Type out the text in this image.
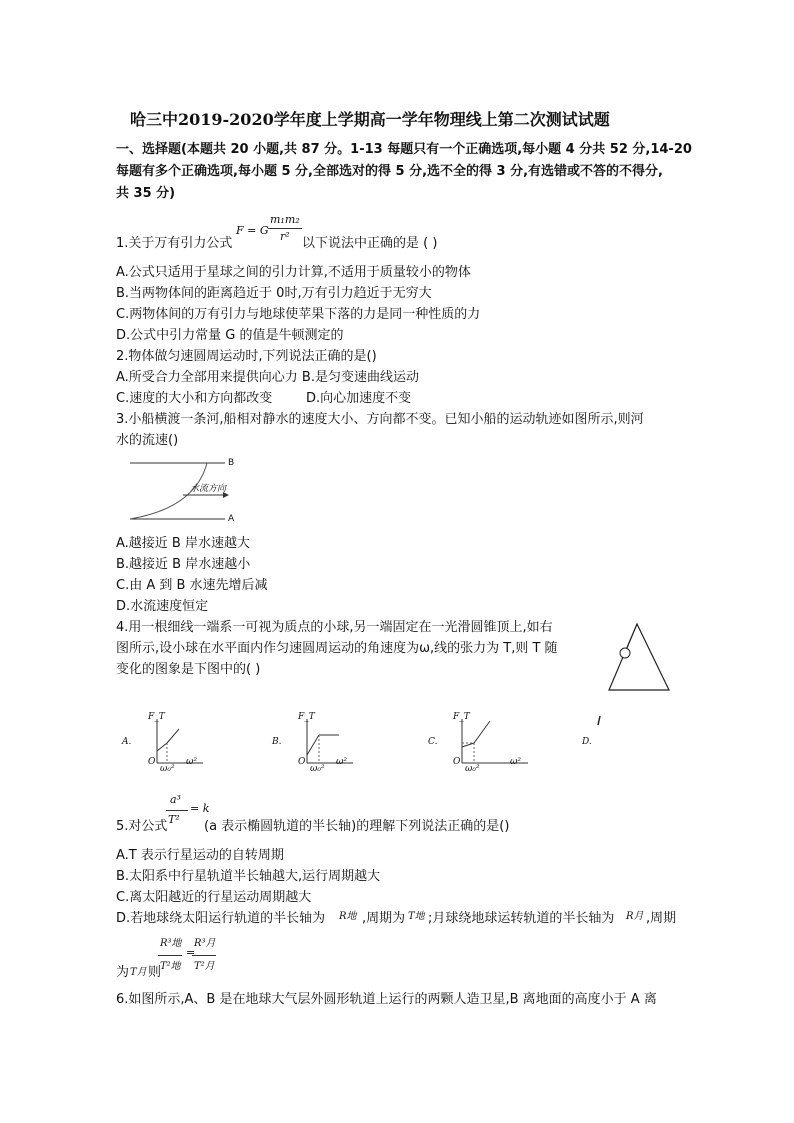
哈三中2019-2020学年度上学期高一学年物理线上第二次测试试题
一、选择题(本题共 20 小题,共 87 分。1-13 每题只有一个正确选项,每小题 4 分共 52 分,14-20
每题有多个正确选项,每小题 5 分,全部选对的得 5 分,选不全的得 3 分,有选错或不答的不得分,
共 35 分)
1.关于万有引力公式
F = G
m₁m₂
r² 以下说法中正确的是 ( )
A.公式只适用于星球之间的引力计算,不适用于质量较小的物体
B.当两物体间的距离趋近于 0时,万有引力趋近于无穷大
C.两物体间的万有引力与地球使苹果下落的力是同一种性质的力
D.公式中引力常量 G 的值是牛顿测定的
2.物体做匀速圆周运动时,下列说法正确的是()
A.所受合力全部用来提供向心力 B.是匀变速曲线运动
C.速度的大小和方向都改变	D.向心加速度不变
3.小船横渡一条河,船相对静水的速度大小、方向都不变。已知小船的运动轨迹如图所示,则河
水的流速()
B
A
水流方向
A.越接近 B 岸水速越大
B.越接近 B 岸水速越小
C.由 A 到 B 水速先增后减
D.水流速度恒定
4.用一根细线一端系一可视为质点的小球,另一端固定在一光滑圆锥顶上,如右
图所示,设小球在水平面内作匀速圆周运动的角速度为ω,线的张力为 T,则 T 随
变化的图象是下图中的( )
A.
F_T
O
ω₀²
ω²
B.
F_T
O
ω₀²
ω²
C.
F_T
O
ω₀²
ω²
D.
5.对公式
a³
T²
= k
(a 表示椭圆轨道的半长轴)的理解下列说法正确的是()
A.T 表示行星运动的自转周期
B.太阳系中行星轨道半长轴越大,运行周期越大
C.离太阳越近的行星运动周期越大
D.若地球绕太阳运行轨道的半长轴为 R地 ,周期为 T地 ;月球绕地球运转轨道的半长轴为 R月 ,周期
为 T月 则
R³地
T²地
=
R³月
T²月
6.如图所示,A、B 是在地球大气层外圆形轨道上运行的两颗人造卫星,B 离地面的高度小于 A 离
